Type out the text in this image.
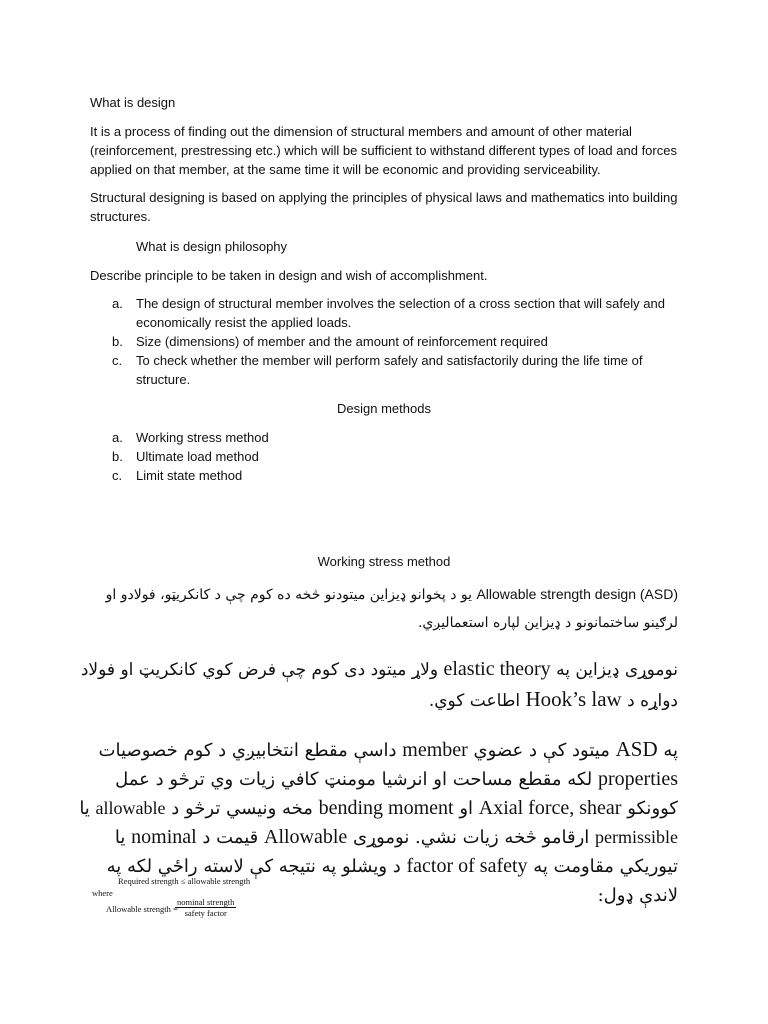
What is design
It is a process of finding out the dimension of structural members and amount of other material (reinforcement, prestressing etc.) which will be sufficient to withstand different types of load and forces applied on that member, at the same time it will be economic and providing serviceability.
Structural designing is based on applying the principles of physical laws and mathematics into building structures.
What is design philosophy
Describe principle to be taken in design and wish of accomplishment.
a. The design of structural member involves the selection of a cross section that will safely and economically resist the applied loads.
b. Size (dimensions) of member and the amount of reinforcement required
c. To check whether the member will perform safely and satisfactorily during the life time of structure.
Design methods
a. Working stress method
b. Ultimate load method
c. Limit state method
Working stress method
Allowable strength design (ASD) یو د پخوانو ډیزاین میتودنو څخه ده کوم چې د کانکریټو، فولادو او لرګینو ساختمانونو د ډیزاین لپاره استعمالیږي.
نوموړی ډیزاین په elastic theory ولاړ میتود دی کوم چې فرض کوي کانکریټ او فولاد دواړه د Hook’s law اطاعت کوي.
په ASD میتود کې د عضوي member داسې مقطع انتخابیږي د کوم خصوصیات properties لکه مقطع مساحت او انرشیا مومنټ کافي زیات وي ترڅو د عمل کوونکو Axial force, shear او bending moment مخه ونیسي ترڅو د allowable یا permissible ارقامو څخه زیات نشي. نوموړی Allowable قیمت د nominal یا تیوریکي مقاومت په factor of safety د ویشلو په نتیجه کې لاسته راځي لکه په لاندې ډول:
Required strength ≤ allowable strength
where
Allowable strength =
nominal strength
safety factor
